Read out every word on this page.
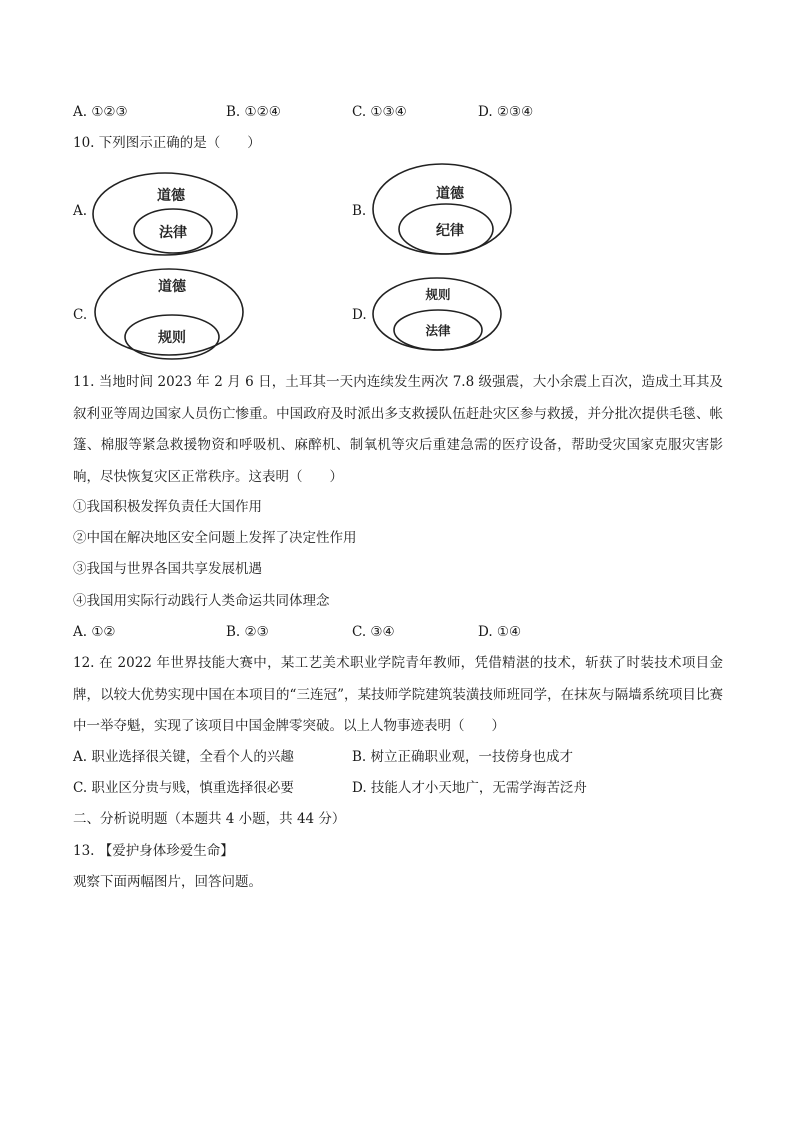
A. ①②③	B. ①②④	C. ①③④	D. ②③④
10. 下列图示正确的是（　　）
A.
道德
法律
B.
道德
纪律
C.
道德
规则
D.
规则
法律
11. 当地时间 2023 年 2 月 6 日，土耳其一天内连续发生两次 7.8 级强震，大小余震上百次，造成土耳其及叙利亚等周边国家人员伤亡惨重。中国政府及时派出多支救援队伍赶赴灾区参与救援，并分批次提供毛毯、帐篷、棉服等紧急救援物资和呼吸机、麻醉机、制氧机等灾后重建急需的医疗设备，帮助受灾国家克服灾害影响，尽快恢复灾区正常秩序。这表明（　　）
①我国积极发挥负责任大国作用
②中国在解决地区安全问题上发挥了决定性作用
③我国与世界各国共享发展机遇
④我国用实际行动践行人类命运共同体理念
A. ①②	B. ②③	C. ③④	D. ①④
12. 在 2022 年世界技能大赛中，某工艺美术职业学院青年教师，凭借精湛的技术，斩获了时装技术项目金牌，以较大优势实现中国在本项目的“三连冠”，某技师学院建筑装潢技师班同学，在抹灰与隔墙系统项目比赛中一举夺魁，实现了该项目中国金牌零突破。以上人物事迹表明（　　）
A. 职业选择很关键，全看个人的兴趣	B. 树立正确职业观，一技傍身也成才
C. 职业区分贵与贱，慎重选择很必要	D. 技能人才小天地广，无需学海苦泛舟
二、分析说明题（本题共 4 小题，共 44 分）
13. 【爱护身体珍爱生命】
观察下面两幅图片，回答问题。
